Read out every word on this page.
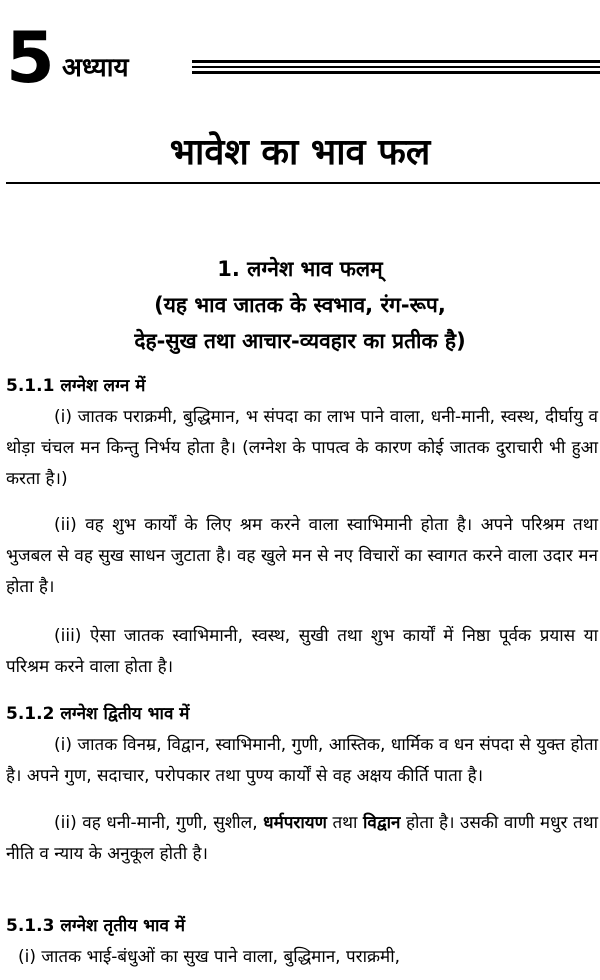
5 अध्याय
भावेश का भाव फल
1. लग्नेश भाव फलम्
(यह भाव जातक के स्वभाव, रंग-रूप,
देह-सुख तथा आचार-व्यवहार का प्रतीक है)
5.1.1 लग्नेश लग्न में
(i) जातक पराक्रमी, बुद्धिमान, भ संपदा का लाभ पाने वाला, धनी-मानी, स्वस्थ, दीर्घायु व थोड़ा चंचल मन किन्तु निर्भय होता है। (लग्नेश के पापत्व के कारण कोई जातक दुराचारी भी हुआ करता है।)
(ii) वह शुभ कार्यों के लिए श्रम करने वाला स्वाभिमानी होता है। अपने परिश्रम तथा भुजबल से वह सुख साधन जुटाता है। वह खुले मन से नए विचारों का स्वागत करने वाला उदार मन होता है।
(iii) ऐसा जातक स्वाभिमानी, स्वस्थ, सुखी तथा शुभ कार्यों में निष्ठा पूर्वक प्रयास या परिश्रम करने वाला होता है।
5.1.2 लग्नेश द्वितीय भाव में
(i) जातक विनम्र, विद्वान, स्वाभिमानी, गुणी, आस्तिक, धार्मिक व धन संपदा से युक्त होता है। अपने गुण, सदाचार, परोपकार तथा पुण्य कार्यों से वह अक्षय कीर्ति पाता है।
(ii) वह धनी-मानी, गुणी, सुशील, धर्मपरायण तथा विद्वान होता है। उसकी वाणी मधुर तथा नीति व न्याय के अनुकूल होती है।
5.1.3 लग्नेश तृतीय भाव में
(i) जातक भाई-बंधुओं का सुख पाने वाला, बुद्धिमान, पराक्रमी,
